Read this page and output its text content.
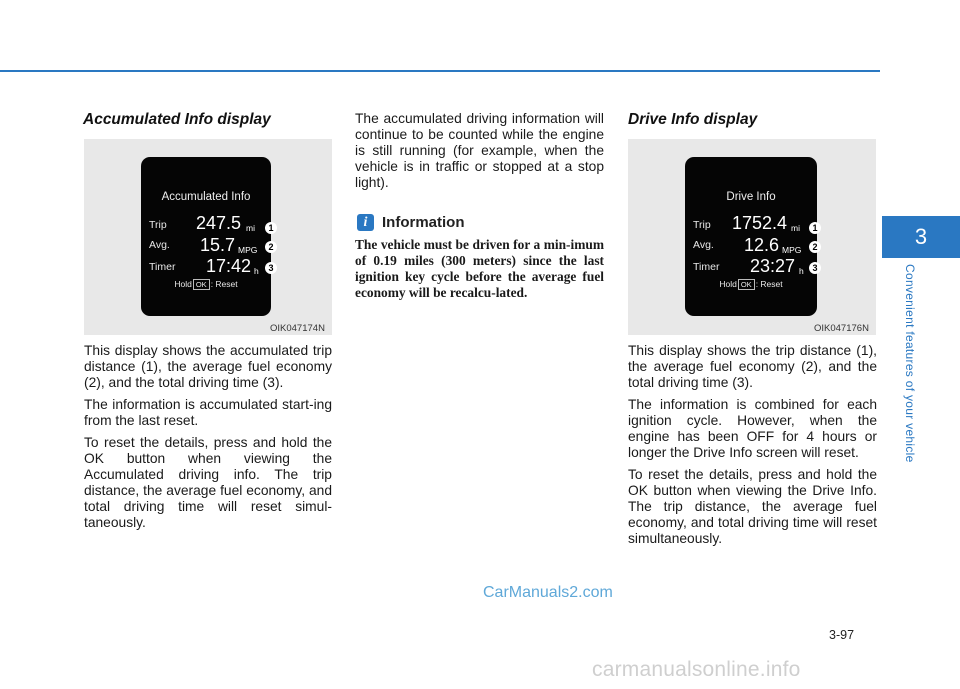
Accumulated Info display
Accumulated Info
Trip 247.5 mi
Avg. 15.7 MPG
Timer 17:42 h
Hold OK : Reset
1
2
3
OIK047174N

This display shows the accumulated trip distance (1), the average fuel economy (2), and the total driving time (3).

The information is accumulated start-ing from the last reset.

To reset the details, press and hold the OK button when viewing the Accumulated driving info. The trip distance, the average fuel economy, and total driving time will reset simul-taneously.

The accumulated driving information will continue to be counted while the engine is still running (for example, when the vehicle is in traffic or stopped at a stop light).

i Information
The vehicle must be driven for a min-imum of 0.19 miles (300 meters) since the last ignition key cycle before the average fuel economy will be recalcu-lated.
Drive Info display
Drive Info
Trip 1752.4 mi
Avg. 12.6 MPG
Timer 23:27 h
Hold OK : Reset
1
2
3
OIK047176N

This display shows the trip distance (1), the average fuel economy (2), and the total driving time (3).

The information is combined for each ignition cycle. However, when the engine has been OFF for 4 hours or longer the Drive Info screen will reset.

To reset the details, press and hold the OK button when viewing the Drive Info. The trip distance, the average fuel economy, and total driving time will reset simultaneously.

3
Convenient features of your vehicle
3-97
CarManuals2.com
carmanualsonline.info
